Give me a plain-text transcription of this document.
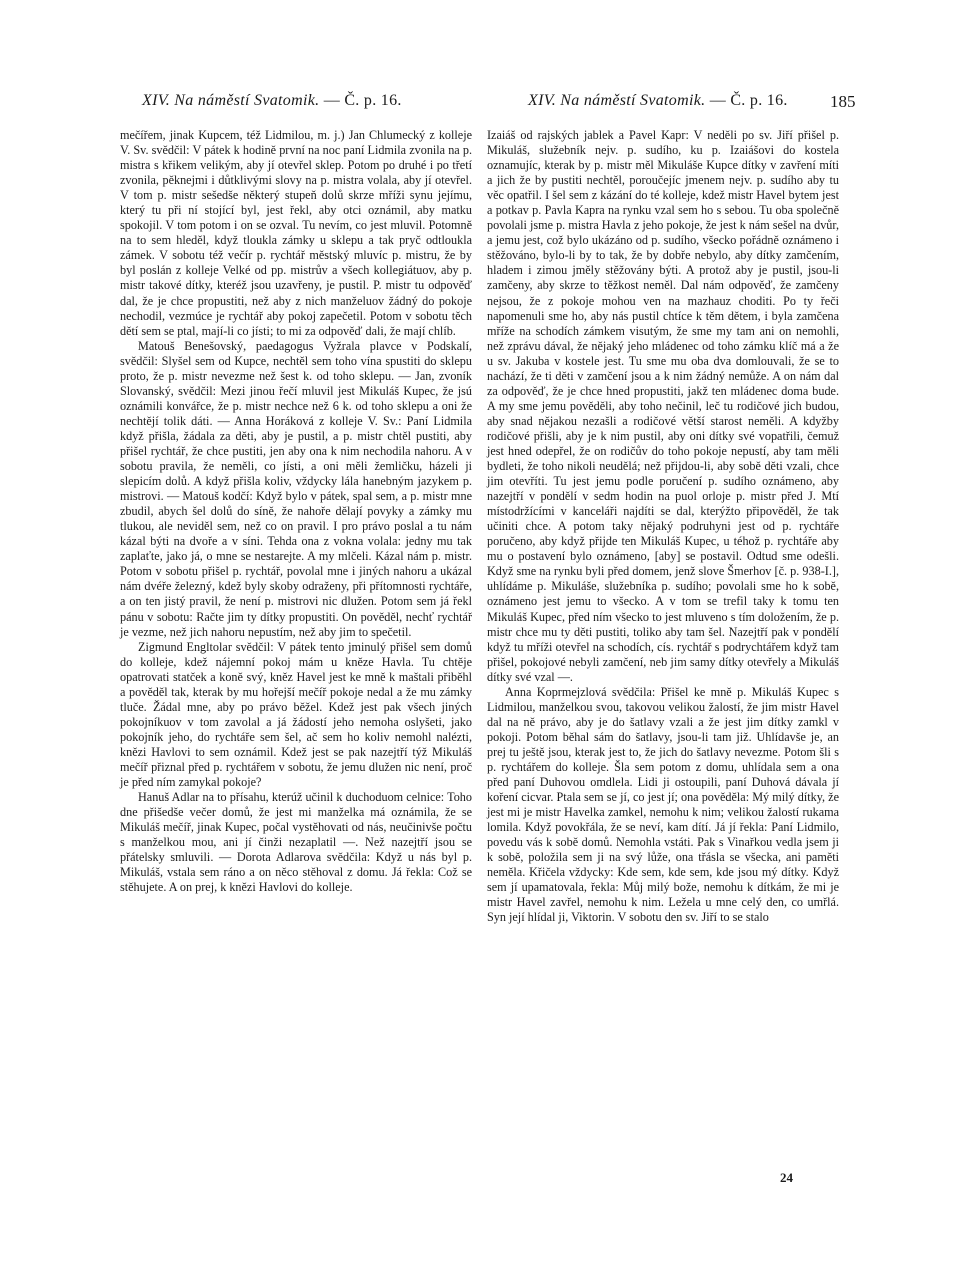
XIV. Na náměstí Svatomik. — Č. p. 16.	XIV. Na náměstí Svatomik. — Č. p. 16. 185

mečířem, jinak Kupcem, též Lidmilou, m. j.) Jan Chlumecký z kolleje V. Sv. svědčil: V pátek k hodině první na noc paní Lidmila zvonila na p. mistra s křikem velikým, aby jí otevřel sklep. Potom po druhé i po třetí zvonila, pěknejmi i důtklivými slovy na p. mistra volala, aby jí otevřel. V tom p. mistr sešedše některý stupeň dolů skrze mříži synu jejímu, který tu při ní stojící byl, jest řekl, aby otci oznámil, aby matku spokojil. V tom potom i on se ozval. Tu nevím, co jest mluvil. Potomně na to sem hleděl, když tloukla zámky u sklepu a tak pryč odtloukla zámek. V sobotu též večír p. rychtář městský mluvíc p. mistru, že by byl poslán z kolleje Velké od pp. mistrův a všech kollegiátuov, aby p. mistr takové dítky, kteréž jsou uzavřeny, je pustil. P. mistr tu odpověď dal, že je chce propustiti, než aby z nich manželuov žádný do pokoje nechodil, vezmúce je rychtář aby pokoj zapečetil. Potom v sobotu těch dětí sem se ptal, mají-li co jísti; to mi za odpověď dali, že mají chlíb.

Matouš Benešovský, paedagogus Vyžrala plavce v Podskalí, svědčil: Slyšel sem od Kupce, nechtěl sem toho vína spustiti do sklepu proto, že p. mistr nevezme než šest k. od toho sklepu. — Jan, zvoník Slovanský, svědčil: Mezi jinou řečí mluvil jest Mikuláš Kupec, že jsú oznámili konvářce, že p. mistr nechce než 6 k. od toho sklepu a oni že nechtějí tolik dáti. — Anna Horáková z kolleje V. Sv.: Paní Lidmila když přišla, žádala za děti, aby je pustil, a p. mistr chtěl pustiti, aby přišel rychtář, že chce pustiti, jen aby ona k nim nechodila nahoru. A v sobotu pravila, že neměli, co jísti, a oni měli žemličku, házeli ji slepicím dolů. A když přišla koliv, vždycky lála hanebným jazykem p. mistrovi. — Matouš kodčí: Když bylo v pátek, spal sem, a p. mistr mne zbudil, abych šel dolů do síně, že nahoře dělají povyky a zámky mu tlukou, ale neviděl sem, než co on pravil. I pro právo poslal a tu nám kázal býti na dvoře a v síni. Tehda ona z vokna volala: jedny mu tak zaplaťte, jako já, o mne se nestarejte. A my mlčeli. Kázal nám p. mistr. Potom v sobotu přišel p. rychtář, povolal mne i jiných nahoru a ukázal nám dvéře železný, kdež byly skoby odraženy, při přítomnosti rychtáře, a on ten jistý pravil, že není p. mistrovi nic dlužen. Potom sem já řekl pánu v sobotu: Račte jim ty dítky propustiti. On pověděl, nechť rychtář je vezme, než jich nahoru nepustím, než aby jim to spečetil.

Zigmund Engltolar svědčil: V pátek tento jminulý přišel sem domů do kolleje, kdež nájemní pokoj mám u kněze Havla. Tu chtěje opatrovati statček a koně svý, kněz Havel jest ke mně k maštali přiběhl a pověděl tak, kterak by mu hořejší mečíř pokoje nedal a že mu zámky tluče. Žádal mne, aby po právo běžel. Kdež jest pak všech jiných pokojníkuov v tom zavolal a já žádostí jeho nemoha oslyšeti, jako pokojník jeho, do rychtáře sem šel, ač sem ho koliv nemohl nalézti, knězi Havlovi to sem oznámil. Kdež jest se pak nazejtří týž Mikuláš mečíř přiznal před p. rychtářem v sobotu, že jemu dlužen nic není, proč je před ním zamykal pokoje?

Hanuš Adlar na to přísahu, kterúž učinil k duchoduom celnice: Toho dne přišedše večer domů, že jest mi manželka má oznámila, že se Mikuláš mečíř, jinak Kupec, počal vystěhovati od nás, neučinivše počtu s manželkou mou, ani jí činži nezaplatil —. Než nazejtří jsou se přátelsky smluvili. — Dorota Adlarova svědčila: Když u nás byl p. Mikuláš, vstala sem ráno a on něco stěhoval z domu. Já řekla: Což se stěhujete. A on prej, k knězi Havlovi do kolleje.

Izaiáš od rajských jablek a Pavel Kapr: V neděli po sv. Jiří přišel p. Mikuláš, služebník nejv. p. sudího, ku p. Izaiášovi do kostela oznamujíc, kterak by p. mistr měl Mikuláše Kupce dítky v zavření míti a jich že by pustiti nechtěl, poroučejíc jmenem nejv. p. sudího aby tu věc opatřil. I šel sem z kázání do té kolleje, kdež mistr Havel bytem jest a potkav p. Pavla Kapra na rynku vzal sem ho s sebou. Tu oba společně povolali jsme p. mistra Havla z jeho pokoje, že jest k nám sešel na dvůr, a jemu jest, což bylo ukázáno od p. sudího, všecko pořádně oznámeno i stěžováno, bylo-li by to tak, že by dobře nebylo, aby dítky zamčením, hladem i zimou jměly stěžovány býti. A protož aby je pustil, jsou-li zamčeny, aby skrze to těžkost neměl. Dal nám odpověď, že zamčeny nejsou, že z pokoje mohou ven na mazhauz choditi. Po ty řeči napomenuli sme ho, aby nás pustil chtíce k těm dětem, i byla zamčena mříže na schodích zámkem visutým, že sme my tam ani on nemohli, než zprávu dával, že nějaký jeho mládenec od toho zámku klíč má a že u sv. Jakuba v kostele jest. Tu sme mu oba dva domlouvali, že se to nachází, že ti děti v zamčení jsou a k nim žádný nemůže. A on nám dal za odpověď, že je chce hned propustiti, jakž ten mládenec doma bude. A my sme jemu pověděli, aby toho nečinil, leč tu rodičové jich budou, aby snad nějakou nezašli a rodičové větší starost neměli. A kdyžby rodičové přišli, aby je k nim pustil, aby oni dítky své vopatřili, čemuž jest hned odepřel, že on rodičův do toho pokoje nepustí, aby tam měli bydleti, že toho nikoli neudělá; než přijdou-li, aby sobě děti vzali, chce jim otevříti. Tu jest jemu podle poručení p. sudího oznámeno, aby nazejtří v pondělí v sedm hodin na puol orloje p. mistr před J. Mtí místodržícími v kanceláři najdíti se dal, kterýžto připověděl, že tak učiniti chce. A potom taky nějaký podruhyni jest od p. rychtáře poručeno, aby když přijde ten Mikuláš Kupec, u téhož p. rychtáře aby mu o postavení bylo oznámeno, [aby] se postavil. Odtud sme odešli. Když sme na rynku byli před domem, jenž slove Šmerhov [č. p. 938-I.], uhlídáme p. Mikuláše, služebníka p. sudího; povolali sme ho k sobě, oznámeno jest jemu to všecko. A v tom se trefil taky k tomu ten Mikuláš Kupec, před ním všecko to jest mluveno s tím doložením, že p. mistr chce mu ty děti pustiti, toliko aby tam šel. Nazejtří pak v pondělí když tu mříži otevřel na schodích, cís. rychtář s podrychtářem když tam přišel, pokojové nebyli zamčení, neb jim samy dítky otevřely a Mikuláš dítky své vzal —.

Anna Koprmejzlová svědčila: Přišel ke mně p. Mikuláš Kupec s Lidmilou, manželkou svou, takovou velikou žalostí, že jim mistr Havel dal na ně právo, aby je do šatlavy vzali a že jest jim dítky zamkl v pokoji. Potom běhal sám do šatlavy, jsou-li tam již. Uhlídavše je, an prej tu ještě jsou, kterak jest to, že jich do šatlavy nevezme. Potom šli s p. rychtářem do kolleje. Šla sem potom z domu, uhlídala sem a ona před paní Duhovou omdlela. Lidi ji ostoupili, paní Duhová dávala jí koření cicvar. Ptala sem se jí, co jest jí; ona pověděla: Mý milý dítky, že jest mi je mistr Havelka zamkel, nemohu k nim; velikou žalostí rukama lomila. Když povokřála, že se neví, kam dítí. Já jí řekla: Paní Lidmilo, povedu vás k sobě domů. Nemohla vstáti. Pak s Vinařkou vedla jsem ji k sobě, položila sem ji na svý lůže, ona třásla se všecka, ani paměti neměla. Křičela vždycky: Kde sem, kde sem, kde jsou mý dítky. Když sem jí upamatovala, řekla: Můj milý bože, nemohu k dítkám, že mi je mistr Havel zavřel, nemohu k nim. Ležela u mne celý den, co umřlá. Syn její hlídal ji, Viktorin. V sobotu den sv. Jiří to se stalo

24
